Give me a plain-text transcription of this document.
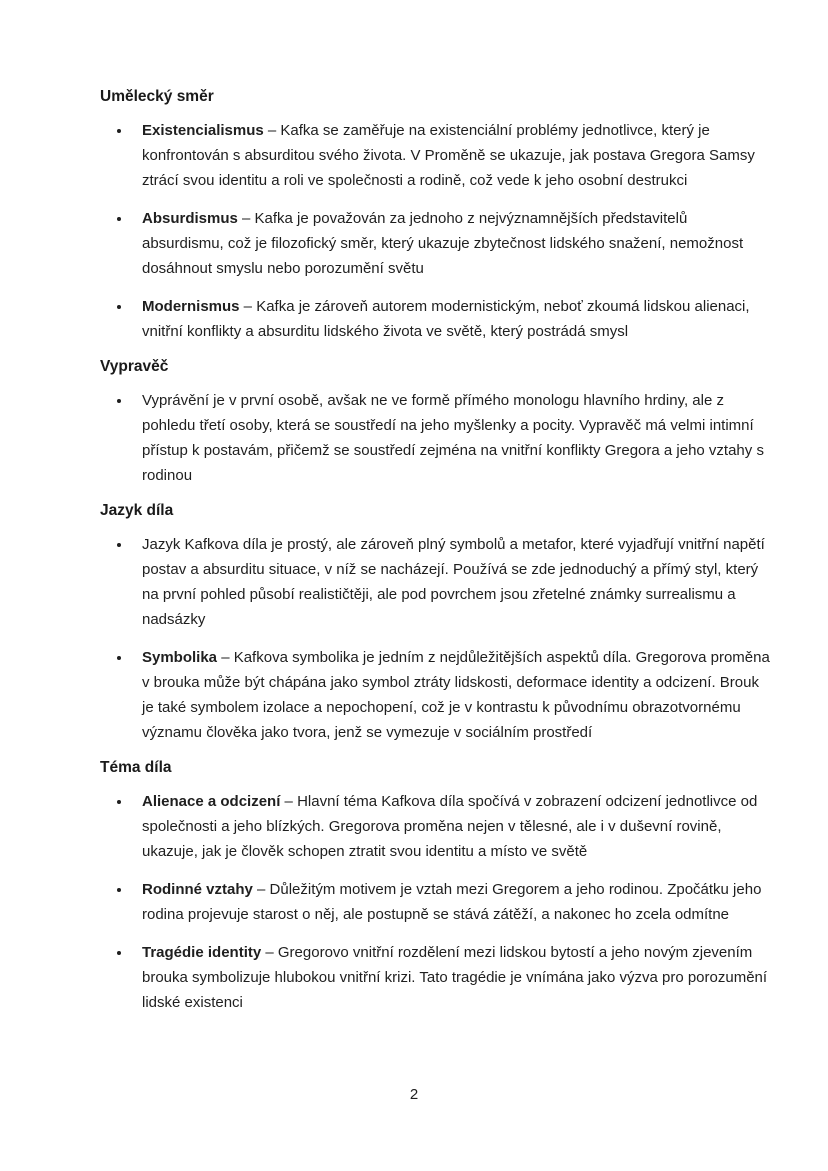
Umělecký směr
• Existencialismus – Kafka se zaměřuje na existenciální problémy jednotlivce, který je konfrontován s absurditou svého života. V Proměně se ukazuje, jak postava Gregora Samsy ztrácí svou identitu a roli ve společnosti a rodině, což vede k jeho osobní destrukci
• Absurdismus – Kafka je považován za jednoho z nejvýznamnějších představitelů absurdismu, což je filozofický směr, který ukazuje zbytečnost lidského snažení, nemožnost dosáhnout smyslu nebo porozumění světu
• Modernismus – Kafka je zároveň autorem modernistickým, neboť zkoumá lidskou alienaci, vnitřní konflikty a absurditu lidského života ve světě, který postrádá smysl
Vypravěč
• Vyprávění je v první osobě, avšak ne ve formě přímého monologu hlavního hrdiny, ale z pohledu třetí osoby, která se soustředí na jeho myšlenky a pocity. Vypravěč má velmi intimní přístup k postavám, přičemž se soustředí zejména na vnitřní konflikty Gregora a jeho vztahy s rodinou
Jazyk díla
• Jazyk Kafkova díla je prostý, ale zároveň plný symbolů a metafor, které vyjadřují vnitřní napětí postav a absurditu situace, v níž se nacházejí. Používá se zde jednoduchý a přímý styl, který na první pohled působí realističtěji, ale pod povrchem jsou zřetelné známky surrealismu a nadsázky
• Symbolika – Kafkova symbolika je jedním z nejdůležitějších aspektů díla. Gregorova proměna v brouka může být chápána jako symbol ztráty lidskosti, deformace identity a odcizení. Brouk je také symbolem izolace a nepochopení, což je v kontrastu k původnímu obrazotvornému významu člověka jako tvora, jenž se vymezuje v sociálním prostředí
Téma díla
• Alienace a odcizení – Hlavní téma Kafkova díla spočívá v zobrazení odcizení jednotlivce od společnosti a jeho blízkých. Gregorova proměna nejen v tělesné, ale i v duševní rovině, ukazuje, jak je člověk schopen ztratit svou identitu a místo ve světě
• Rodinné vztahy – Důležitým motivem je vztah mezi Gregorem a jeho rodinou. Zpočátku jeho rodina projevuje starost o něj, ale postupně se stává zátěží, a nakonec ho zcela odmítne
• Tragédie identity – Gregorovo vnitřní rozdělení mezi lidskou bytostí a jeho novým zjevením brouka symbolizuje hlubokou vnitřní krizi. Tato tragédie je vnímána jako výzva pro porozumění lidské existenci
2
